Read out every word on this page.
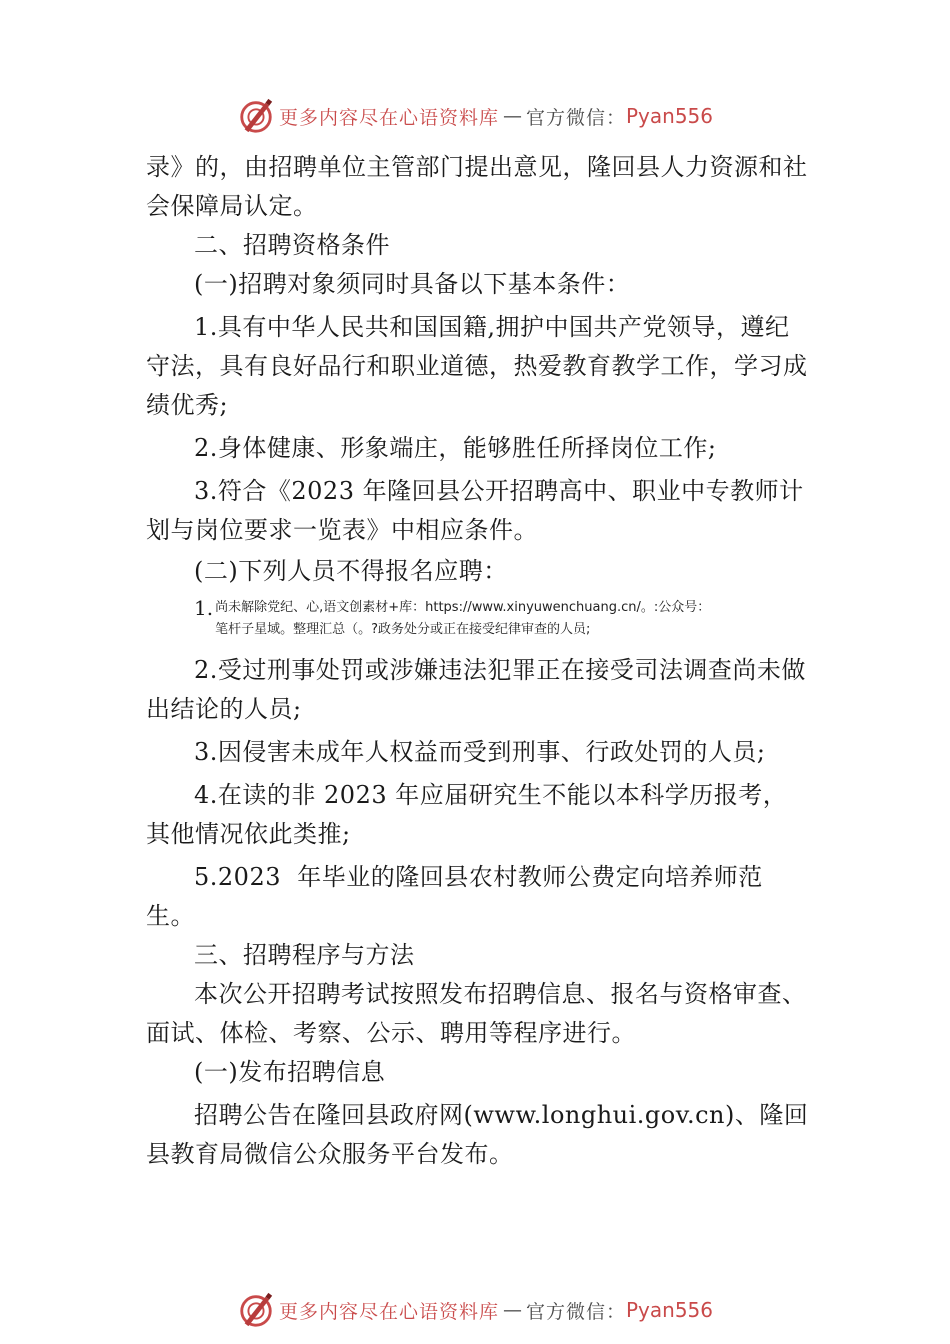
更多内容尽在心语资料库 — 官方微信： Pyan556

录》的，由招聘单位主管部门提出意见，隆回县人力资源和社会保障局认定。

二、招聘资格条件

(一)招聘对象须同时具备以下基本条件：

1.具有中华人民共和国国籍,拥护中国共产党领导，遵纪守法，具有良好品行和职业道德，热爱教育教学工作，学习成绩优秀;

2.身体健康、形象端庄，能够胜任所择岗位工作;

3.符合《2023 年隆回县公开招聘高中、职业中专教师计划与岗位要求一览表》中相应条件。

(二)下列人员不得报名应聘：

1. 尚未解除党纪、心,语文创素材+库：https://www.xinyuwenchuang.cn/。:公众号：
笔杆子星域。整理汇总（。?政务处分或正在接受纪律审查的人员;

2.受过刑事处罚或涉嫌违法犯罪正在接受司法调查尚未做出结论的人员;

3.因侵害未成年人权益而受到刑事、行政处罚的人员;

4.在读的非 2023 年应届研究生不能以本科学历报考，其他情况依此类推;

5.2023  年毕业的隆回县农村教师公费定向培养师范生。

三、招聘程序与方法

本次公开招聘考试按照发布招聘信息、报名与资格审查、面试、体检、考察、公示、聘用等程序进行。

(一)发布招聘信息

招聘公告在隆回县政府网(www.longhui.gov.cn)、隆回县教育局微信公众服务平台发布。

更多内容尽在心语资料库 — 官方微信： Pyan556
